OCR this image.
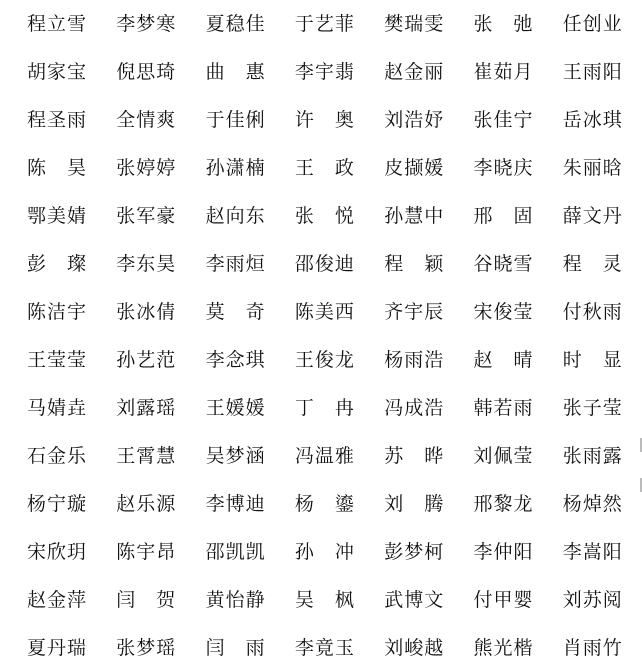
程立雪	李梦寒	夏稳佳	于艺菲	樊瑞雯	张 弛	任创业
胡家宝	倪思琦	曲 惠	李宇翡	赵金丽	崔茹月	王雨阳
程圣雨	全情爽	于佳俐	许 奥	刘浩妤	张佳宁	岳冰琪
陈 昊	张婷婷	孙潇楠	王 政	皮撷媛	李晓庆	朱丽晗
鄂美婧	张军豪	赵向东	张 悦	孙慧中	邢 固	薛文丹
彭 璨	李东昊	李雨烜	邵俊迪	程 颖	谷晓雪	程 灵
陈洁宇	张冰倩	莫 奇	陈美西	齐宇辰	宋俊莹	付秋雨
王莹莹	孙艺范	李念琪	王俊龙	杨雨浩	赵 晴	时 显
马婧垚	刘露瑶	王媛媛	丁 冉	冯成浩	韩若雨	张子莹
石金乐	王霄慧	吴梦涵	冯温雅	苏 晔	刘佩莹	张雨露
杨宁璇	赵乐源	李博迪	杨 鎏	刘 腾	邢黎龙	杨焯然
宋欣玥	陈宇昂	邵凯凯	孙 冲	彭梦柯	李仲阳	李嵩阳
赵金萍	闫 贺	黄怡静	吴 枫	武博文	付甲婴	刘苏阅
夏丹瑞	张梦瑶	闫 雨	李竟玉	刘峻越	熊光楷	肖雨竹
